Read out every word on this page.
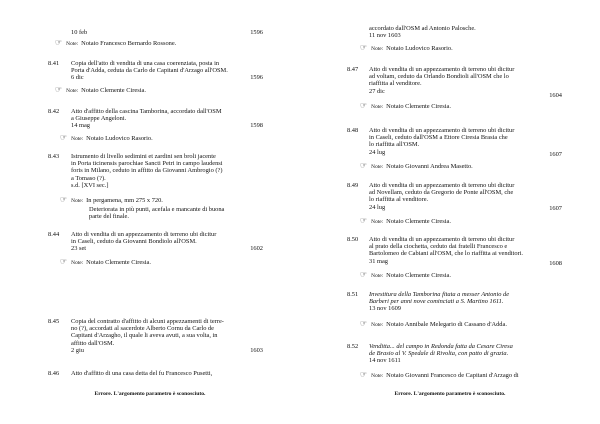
10 feb	1596
☞ Note: Notaio Francesco Bernardo Rossone.
8.41	Copia dell'atto di vendita di una casa coerenziata, posta in
Porta d'Adda, ceduta da Carlo de Capitani d'Arzago all'OSM.
6 dic	1596
☞ Note: Notaio Clemente Ciresia.
8.42	Atto d'affitto della cascina Tamborina, accordato dall'OSM
a Giuseppe Angeloni.
14 mag	1598
☞ Note: Notaio Ludovico Rasorio.
8.43	Istrumento di livello sedimini et zardini sen broli jacente
in Porta ticinensis parochiae Sancti Petri in campo laudensi
foris in Milano, ceduto in affitto da Giovanni Ambrogio (?)
a Tomaso (?).
s.d. [XVI sec.]
☞ Note: In pergamena, mm 275 x 720.
Deteriorata in più punti, acefala e mancante di buona
parte del finale.
8.44	Atto di vendita di un appezzamento di terreno ubi dicitur
in Caseli, ceduto da Giovanni Bondiolo all'OSM.
23 set	1602
☞ Note: Notaio Clemente Ciresia.
8.45	Copia del contratto d'affitto di alcuni appezzamenti di terre-
no (?), accordati al sacerdote Alberto Cornu da Carlo de
Capitani d'Arzagho, il quale li aveva avuti, a sua volta, in
affitto dall'OSM.
2 giu	1603
8.46	Atto d'affitto di una casa detta del fu Francesco Pusetti,
Errore. L'argomento parametro è sconosciuto.
accordato dall'OSM ad Antonio Palosche.
11 nov 1603
☞ Note: Notaio Ludovico Rasorio.
8.47	Atto di vendita di un appezzamento di terreno ubi dicitur
ad voltam, ceduto da Orlando Bondioli all'OSM che lo
riaffitta al venditore.
27 dic
1604
☞ Note: Notaio Clemente Ciresia.
8.48	Atto di vendita di un appezzamento di terreno ubi dicitur
in Caseli, ceduto dall'OSM a Ettore Ciresia Brasia che
lo riaffitta all'OSM.
24 lug	1607
☞ Note: Notaio Giovanni Andrea Masetto.
8.49	Atto di vendita di un appezzamento di terreno ubi dicitur
ad Novellam, ceduto da Gregorio de Ponte all'OSM, che
lo riaffitta al venditore.
24 lug	1607
☞ Note: Notaio Clemente Ciresia.
8.50	Atto di vendita di un appezzamento di terreno ubi dicitur
al prato della ciochetta, ceduto dai fratelli Francesco e
Bartolomeo de Cabiani all'OSM, che lo riaffitta ai venditori.
31 mag	1608
☞ Note: Notaio Clemente Ciresia.
8.51	Investitura della Tamborina fitata a messer Antonio de
Barberi per anni nove cominciati a S. Martino 1611.
13 nov 1609
☞ Note: Notaio Annibale Melegario di Cassano d'Adda.
8.52	Venditta... del campo in Redonda fatta da Cesare Ciresa
de Brasio al V. Spedale di Rivolta, con patto di grazia.
14 nov 1611
☞ Note: Notaio Giovanni Francesco de Capitani d'Arzago di
Errore. L'argomento parametro è sconosciuto.
